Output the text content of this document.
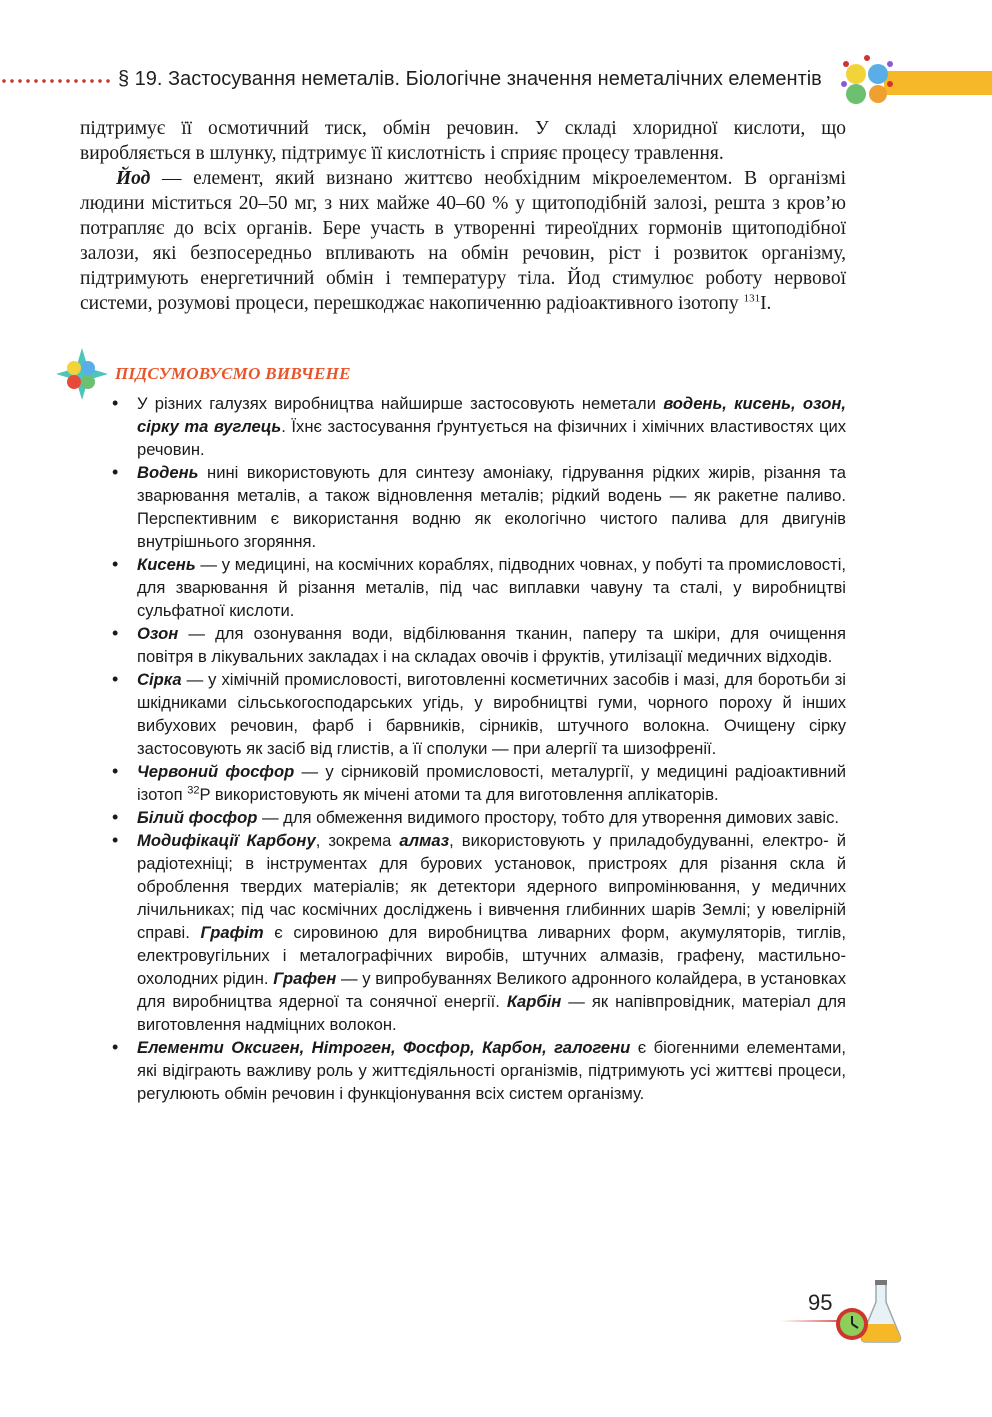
§ 19. Застосування неметалів. Біологічне значення неметалічних елементів

підтримує її осмотичний тиск, обмін речовин. У складі хлоридної кислоти, що виробляється в шлунку, підтримує її кислотність і сприяє процесу травлення.

Йод — елемент, який визнано життєво необхідним мікроелементом. В організмі людини міститься 20–50 мг, з них майже 40–60 % у щитоподібній залозі, решта з кров’ю потрапляє до всіх органів. Бере участь в утворенні тиреоїдних гормонів щитоподібної залози, які безпосередньо впливають на обмін речовин, ріст і розвиток організму, підтримують енергетичний обмін і температуру тіла. Йод стимулює роботу нервової системи, розумові процеси, перешкоджає накопиченню радіоактивного ізотопу $^{131}$I.

ПІДСУМОВУЄМО ВИВЧЕНЕ
• У різних галузях виробництва найширше застосовують неметали водень, кисень, озон, сірку та вуглець. Їхнє застосування ґрунтується на фізичних і хімічних властивостях цих речовин.
• Водень нині використовують для синтезу амоніаку, гідрування рідких жирів, різання та зварювання металів, а також відновлення металів; рідкий водень — як ракетне паливо. Перспективним є використання водню як екологічно чистого палива для двигунів внутрішнього згоряння.
• Кисень — у медицині, на космічних кораблях, підводних човнах, у побуті та промисловості, для зварювання й різання металів, під час виплавки чавуну та сталі, у виробництві сульфатної кислоти.
• Озон — для озонування води, відбілювання тканин, паперу та шкіри, для очищення повітря в лікувальних закладах і на складах овочів і фруктів, утилізації медичних відходів.
• Сірка — у хімічній промисловості, виготовленні косметичних засобів і мазі, для боротьби зі шкідниками сільськогосподарських угідь, у виробництві гуми, чорного пороху й інших вибухових речовин, фарб і барвників, сірників, штучного волокна. Очищену сірку застосовують як засіб від глистів, а її сполуки — при алергії та шизофренії.
• Червоний фосфор — у сірниковій промисловості, металургії, у медицині радіоактивний ізотоп $^{32}$P використовують як мічені атоми та для виготовлення аплікаторів.
• Білий фосфор — для обмеження видимого простору, тобто для утворення димових завіс.
• Модифікації Карбону, зокрема алмаз, використовують у приладобудуванні, електро- й радіотехніці; в інструментах для бурових установок, пристроях для різання скла й оброблення твердих матеріалів; як детектори ядерного випромінювання, у медичних лічильниках; під час космічних досліджень і вивчення глибинних шарів Землі; у ювелірній справі. Графіт є сировиною для виробництва ливарних форм, акумуляторів, тиглів, електровугільних і металографічних виробів, штучних алмазів, графену, мастильно-охолодних рідин. Графен — у випробуваннях Великого адронного колайдера, в установках для виробництва ядерної та сонячної енергії. Карбін — як напівпровідник, матеріал для виготовлення надміцних волокон.
• Елементи Оксиген, Нітроген, Фосфор, Карбон, галогени є біогенними елементами, які відіграють важливу роль у життєдіяльності організмів, підтримують усі життєві процеси, регулюють обмін речовин і функціонування всіх систем організму.
95
